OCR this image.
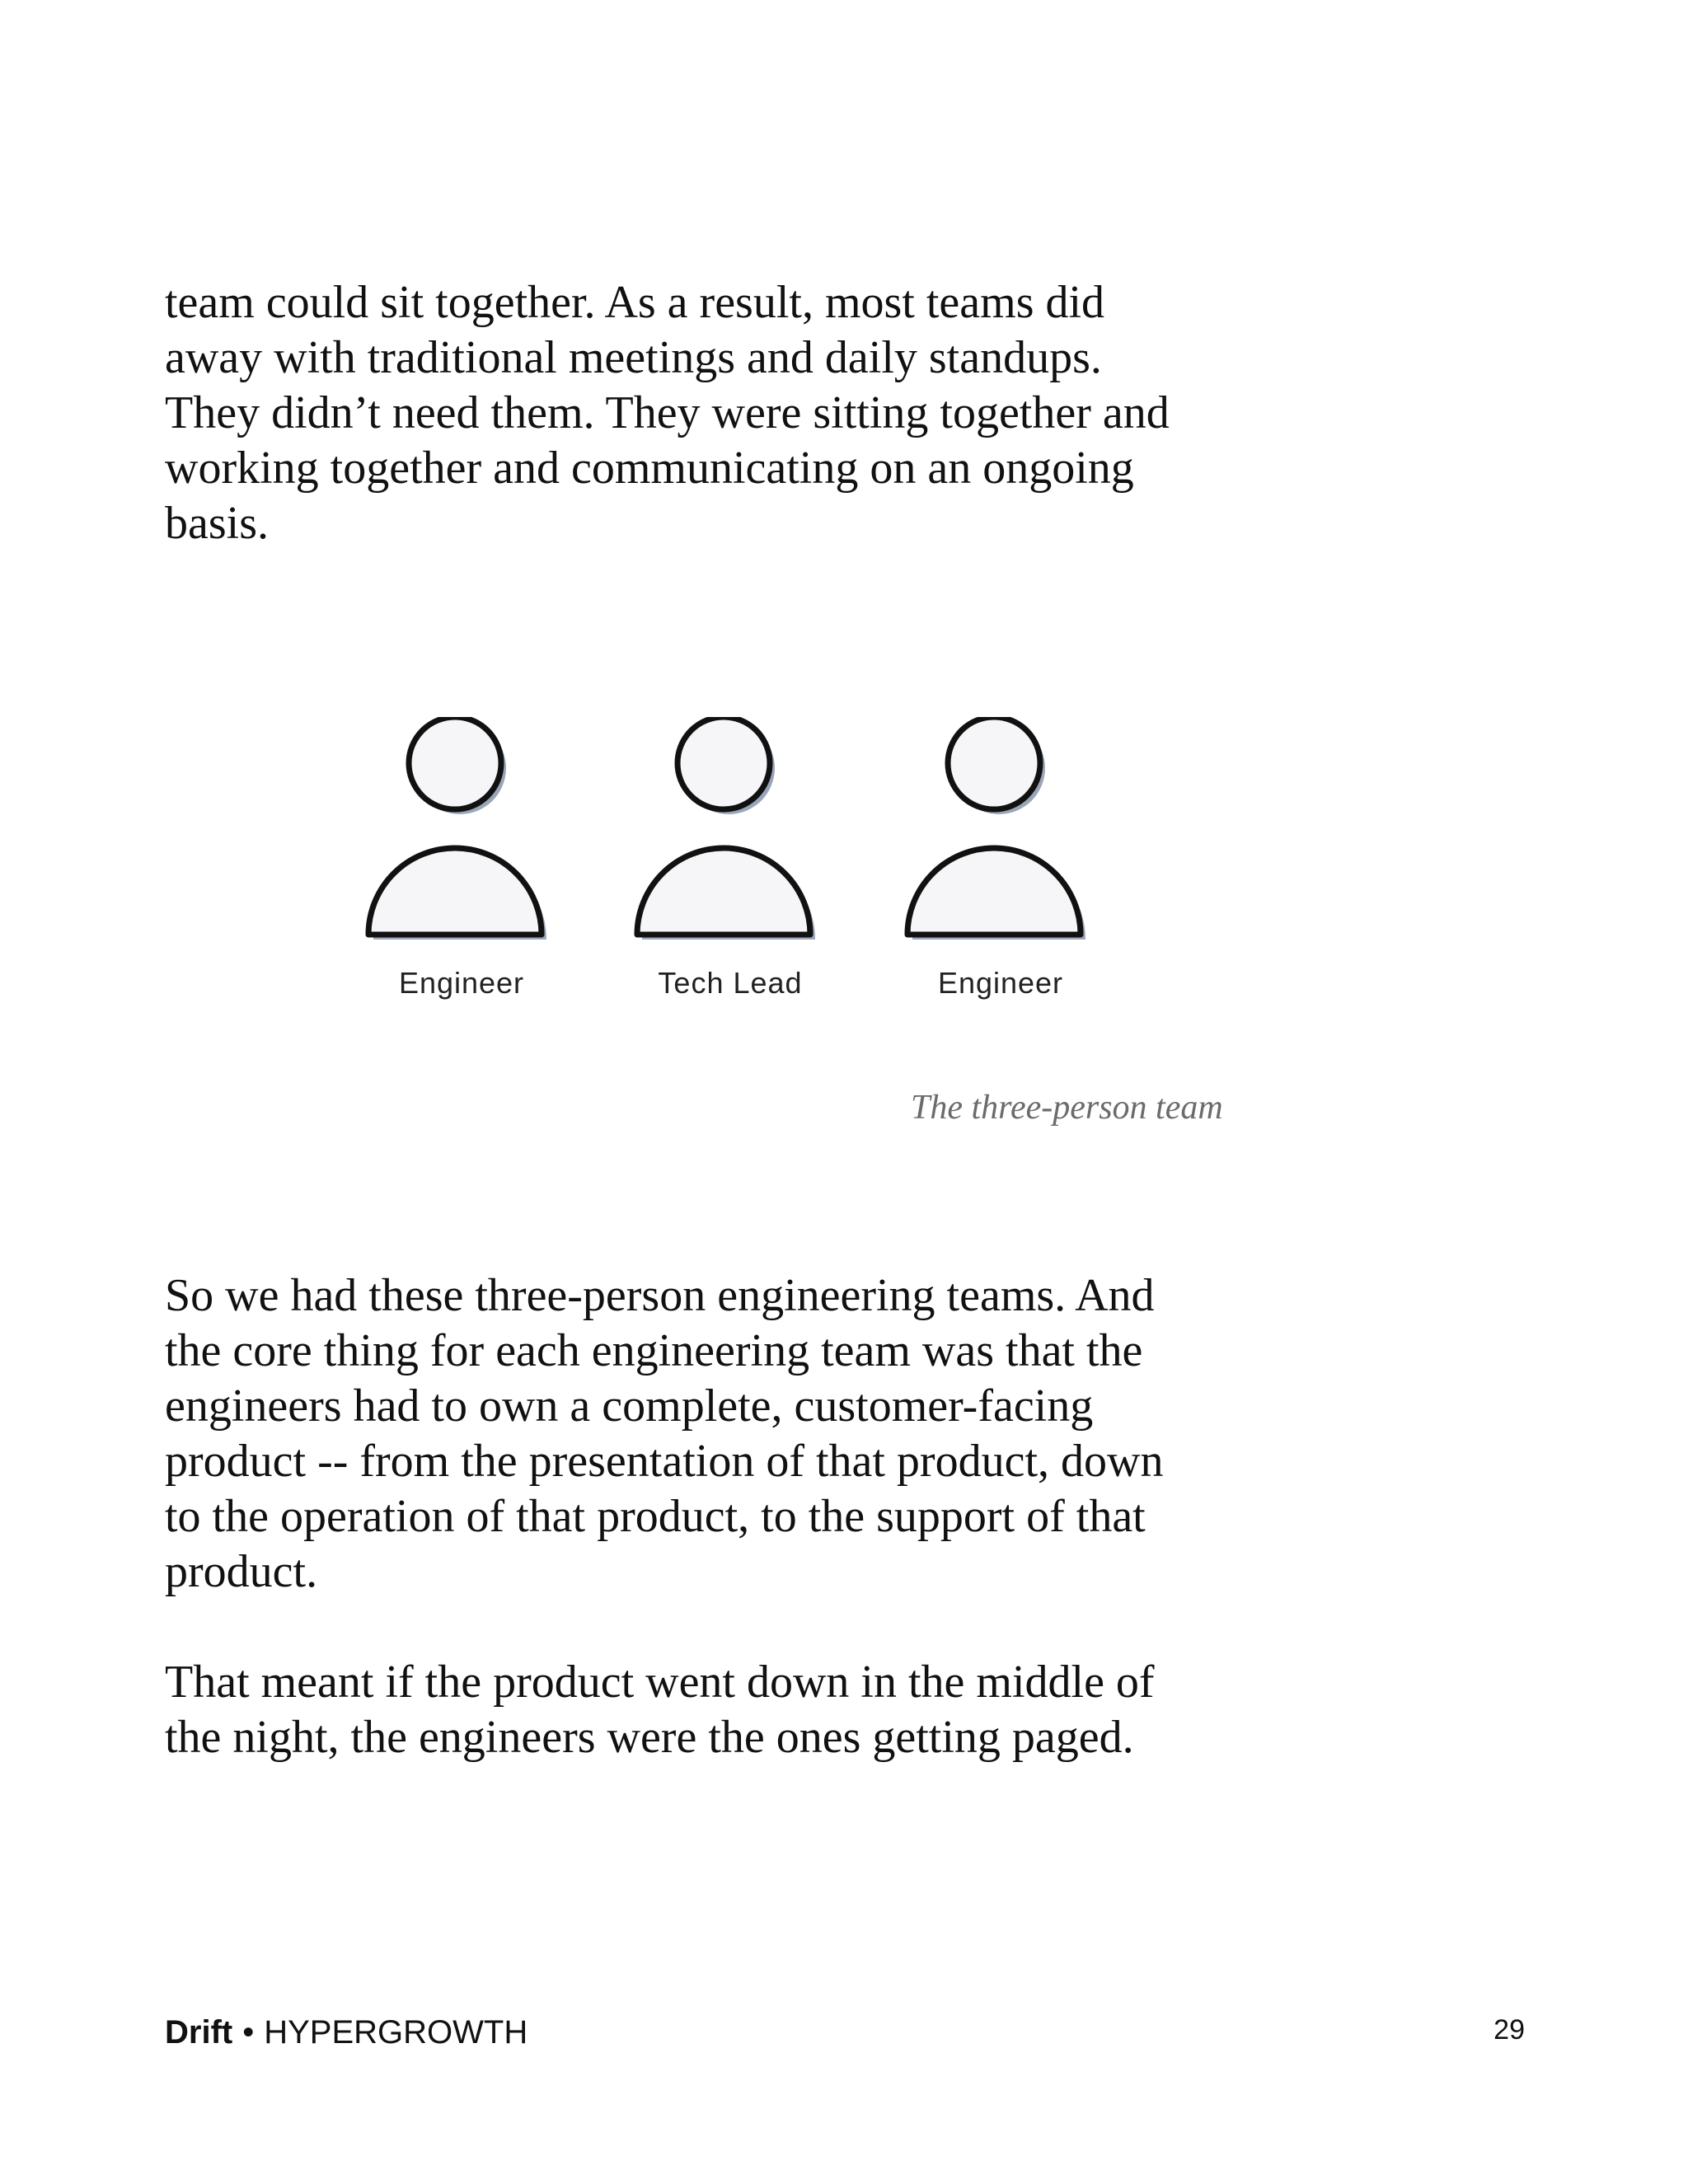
team could sit together. As a result, most teams did
away with traditional meetings and daily standups.
They didn’t need them. They were sitting together and
working together and communicating on an ongoing
basis.

Engineer	Tech Lead	Engineer
The three-person team

So we had these three-person engineering teams. And
the core thing for each engineering team was that the
engineers had to own a complete, customer-facing
product -- from the presentation of that product, down
to the operation of that product, to the support of that
product.

That meant if the product went down in the middle of
the night, the engineers were the ones getting paged.

Drift • HYPERGROWTH	29
